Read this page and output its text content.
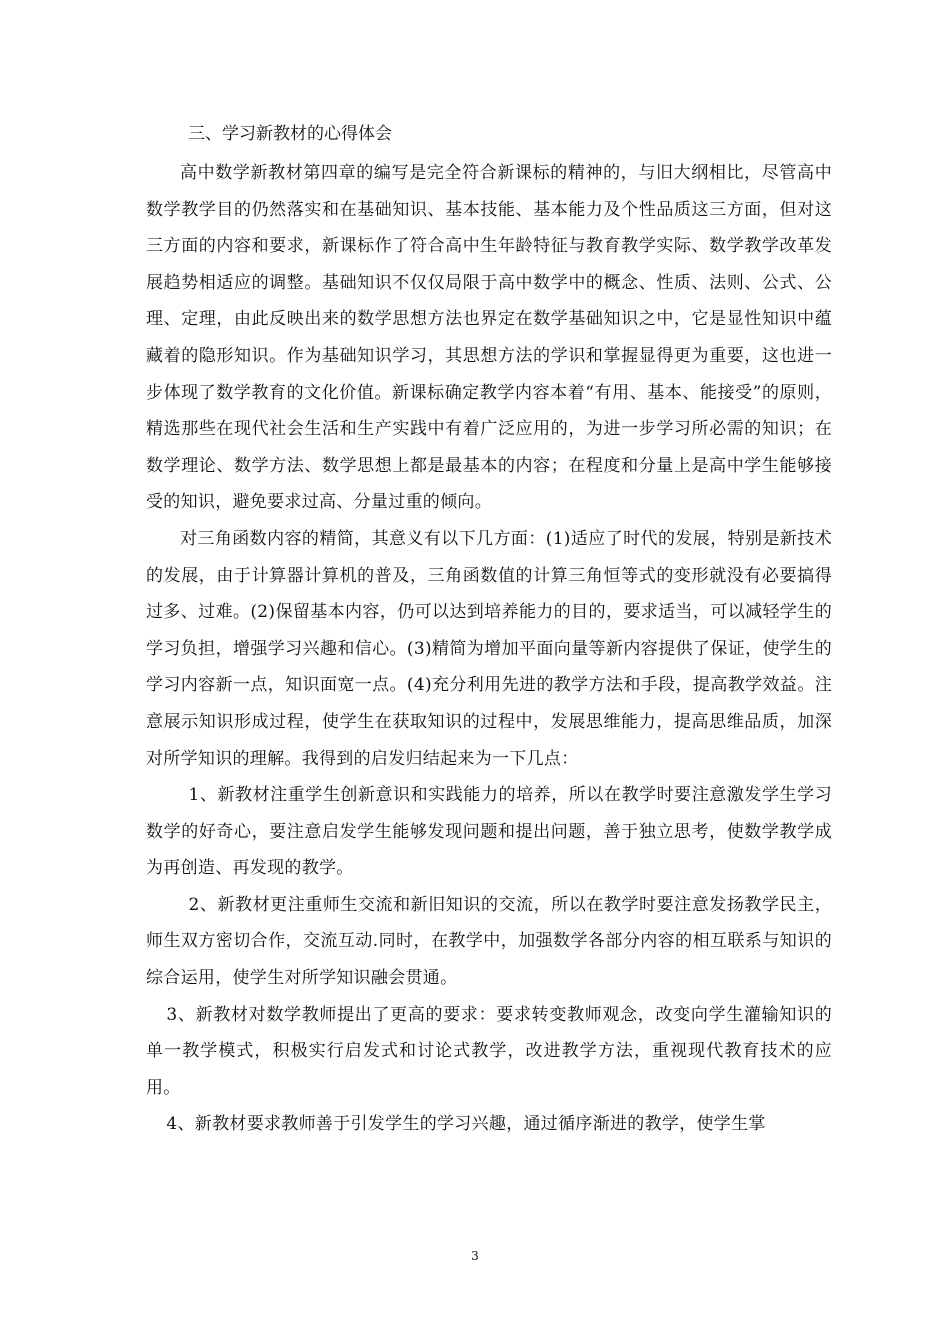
三、学习新教材的心得体会

高中数学新教材第四章的编写是完全符合新课标的精神的，与旧大纲相比，尽管高中数学教学目的仍然落实和在基础知识、基本技能、基本能力及个性品质这三方面，但对这三方面的内容和要求，新课标作了符合高中生年龄特征与教育教学实际、数学教学改革发展趋势相适应的调整。基础知识不仅仅局限于高中数学中的概念、性质、法则、公式、公理、定理，由此反映出来的数学思想方法也界定在数学基础知识之中，它是显性知识中蕴藏着的隐形知识。作为基础知识学习，其思想方法的学识和掌握显得更为重要，这也进一步体现了数学教育的文化价值。新课标确定教学内容本着“有用、基本、能接受”的原则，精选那些在现代社会生活和生产实践中有着广泛应用的，为进一步学习所必需的知识；在数学理论、数学方法、数学思想上都是最基本的内容；在程度和分量上是高中学生能够接受的知识，避免要求过高、分量过重的倾向。

对三角函数内容的精简，其意义有以下几方面：(1)适应了时代的发展，特别是新技术的发展，由于计算器计算机的普及，三角函数值的计算三角恒等式的变形就没有必要搞得过多、过难。(2)保留基本内容，仍可以达到培养能力的目的，要求适当，可以减轻学生的学习负担，增强学习兴趣和信心。(3)精简为增加平面向量等新内容提供了保证，使学生的学习内容新一点，知识面宽一点。(4)充分利用先进的教学方法和手段，提高教学效益。注意展示知识形成过程，使学生在获取知识的过程中，发展思维能力，提高思维品质，加深对所学知识的理解。我得到的启发归结起来为一下几点：

1、新教材注重学生创新意识和实践能力的培养，所以在教学时要注意激发学生学习数学的好奇心，要注意启发学生能够发现问题和提出问题，善于独立思考，使数学教学成为再创造、再发现的教学。

2、新教材更注重师生交流和新旧知识的交流，所以在教学时要注意发扬教学民主，师生双方密切合作，交流互动.同时，在教学中，加强数学各部分内容的相互联系与知识的综合运用，使学生对所学知识融会贯通。

3、新教材对数学教师提出了更高的要求：要求转变教师观念，改变向学生灌输知识的单一教学模式，积极实行启发式和讨论式教学，改进教学方法，重视现代教育技术的应用。

4、新教材要求教师善于引发学生的学习兴趣，通过循序渐进的教学，使学生掌

3
